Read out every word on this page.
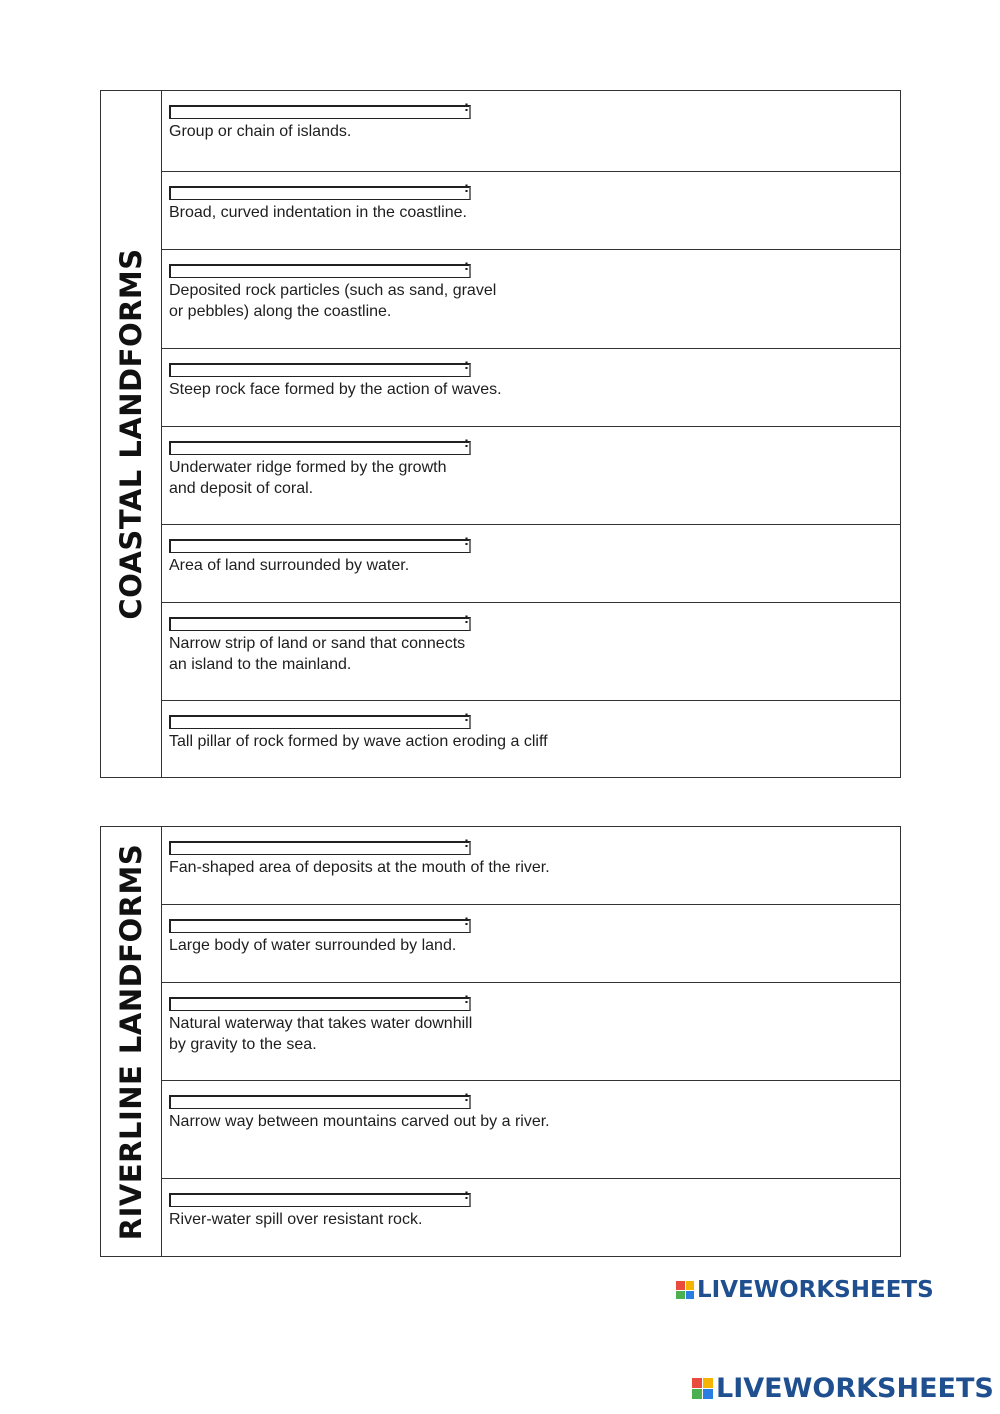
COASTAL LANDFORMS
:
Group or chain of islands.
:
Broad, curved indentation in the coastline.
:
Deposited rock particles (such as sand, gravel
or pebbles) along the coastline.
:
Steep rock face formed by the action of waves.
:
Underwater ridge formed by the growth
and deposit of coral.
:
Area of land surrounded by water.
:
Narrow strip of land or sand that connects
an island to the mainland.
:
Tall pillar of rock formed by wave action eroding a cliff
RIVERLINE LANDFORMS
:
Fan-shaped area of deposits at the mouth of the river.
:
Large body of water surrounded by land.
:
Natural waterway that takes water downhill
by gravity to the sea.
:
Narrow way between mountains carved out by a river.
:
River-water spill over resistant rock.
LIVEWORKSHEETS
LIVEWORKSHEETS
